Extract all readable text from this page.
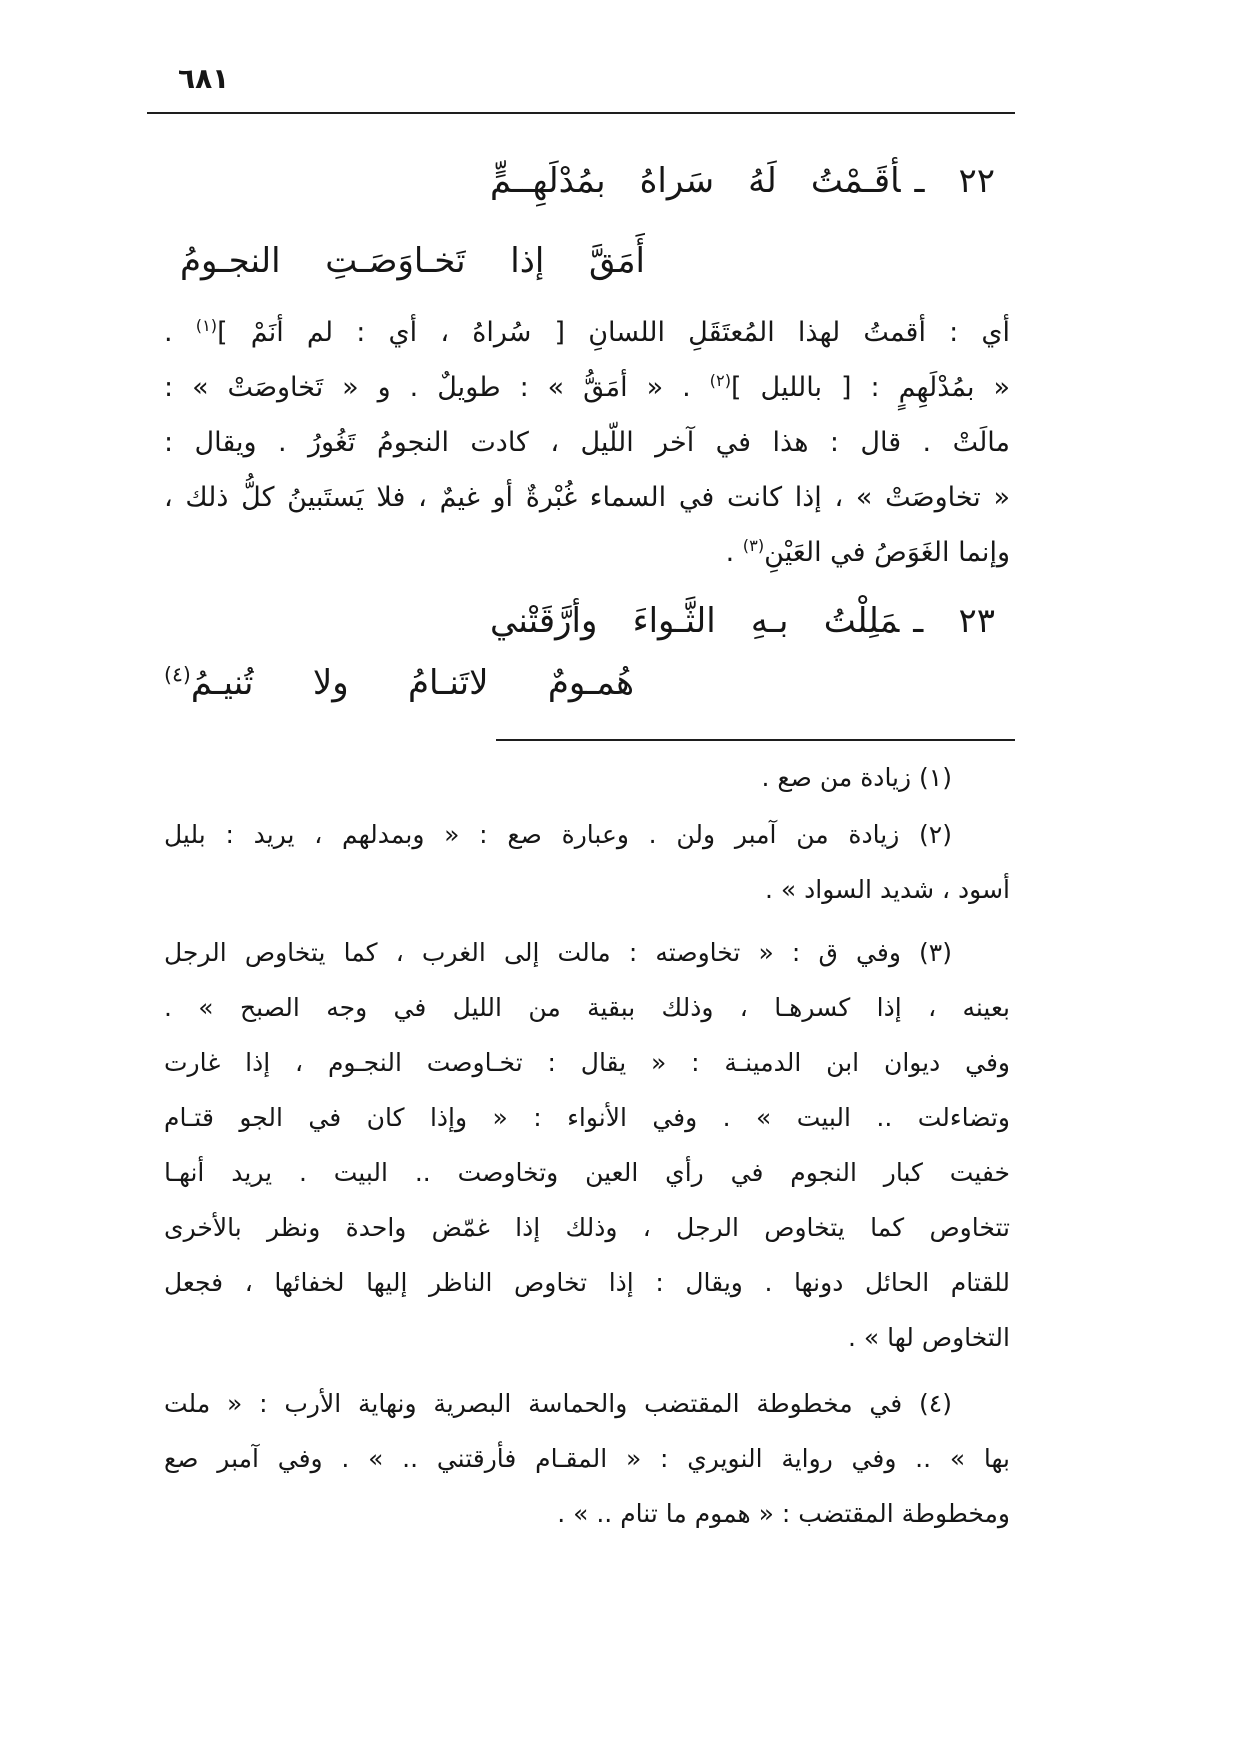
٦٨١
٢٢ ـأقَـمْتُ لَهُ سَراهُ بمُدْلَهِــمٍّ
أَمَقَّ إذا تَخـاوَصَـتِ النجـومُ
أي : أقمتُ لهذا المُعتَقَلِ اللسانِ [ سُراهُ ، أي : لم أنَمْ ]$^{(١)}$ .
« بمُدْلَهِمٍ : [ بالليل ]$^{(٢)}$ . « أمَقُّ » : طويلٌ . و « تَخاوصَتْ » :
مالَتْ . قال : هذا في آخر اللّيل ، كادت النجومُ تَغُورُ . ويقال :
« تخاوصَتْ » ، إذا كانت في السماء غُبْرةٌ أو غيمٌ ، فلا يَستَبينُ كلُّ ذلك ،
وإنما الغَوَصُ في العَيْنِ$^{(٣)}$ .
٢٣ ـمَلِلْتُ بـهِ الثَّـواءَ وأرَّقَتْني
هُمـومٌ لاتَنـامُ ولا تُنيـمُ$^{(٤)}$
(١) زيادة من صع .
(٢) زيادة من آمبر ولن . وعبارة صع : « وبمدلهم ، يريد : بليل
أسود ، شديد السواد » .
(٣) وفي ق : « تخاوصته : مالت إلى الغرب ، كما يتخاوص الرجل
بعينه ، إذا كسرهـا ، وذلك ببقية من الليل في وجه الصبح » .
وفي ديوان ابن الدمينـة : « يقال : تخـاوصت النجـوم ، إذا غارت
وتضاءلت .. البيت » . وفي الأنواء : « وإذا كان في الجو قتـام
خفيت كبار النجوم في رأي العين وتخاوصت .. البيت . يريد أنهـا
تتخاوص كما يتخاوص الرجل ، وذلك إذا غمّض واحدة ونظر بالأخرى
للقتام الحائل دونها . ويقال : إذا تخاوص الناظر إليها لخفائها ، فجعل
التخاوص لها » .
(٤) في مخطوطة المقتضب والحماسة البصرية ونهاية الأرب : « ملت
بها » .. وفي رواية النويري : « المقـام فأرقتني .. » . وفي آمبر صع
ومخطوطة المقتضب : « هموم ما تنام .. » .
